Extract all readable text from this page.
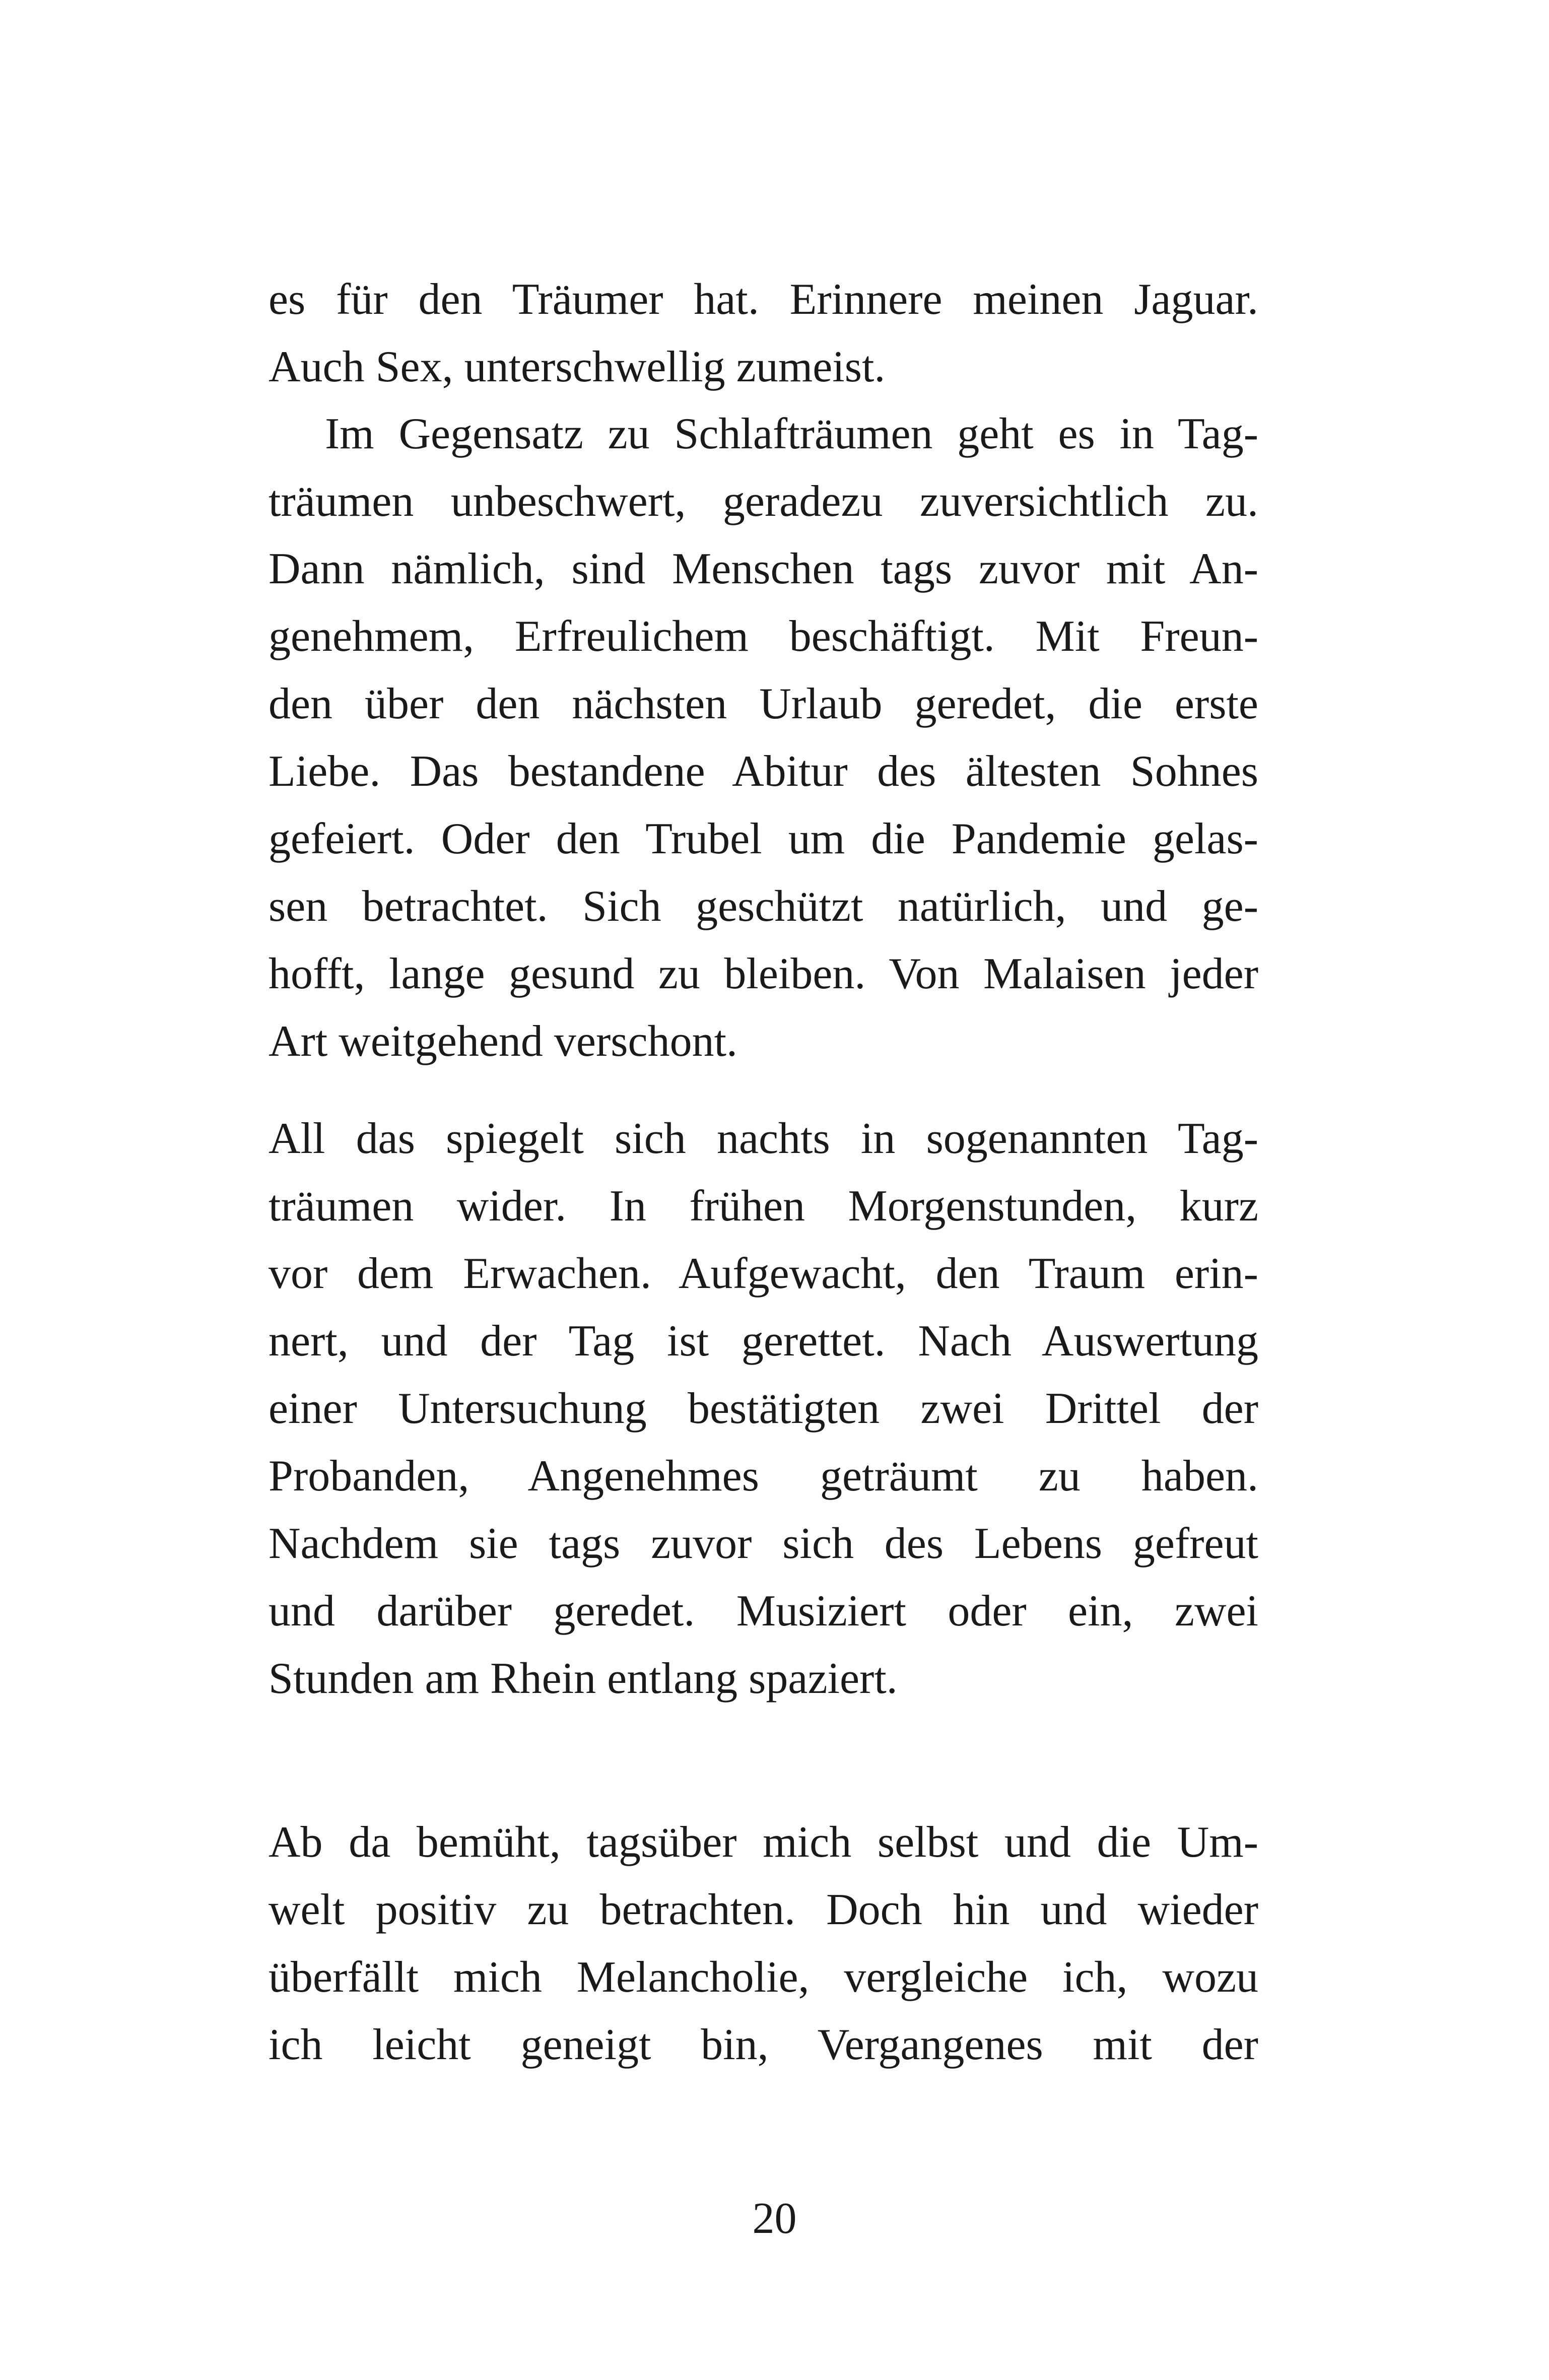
es für den Träumer hat. Erinnere meinen Jaguar.
Auch Sex, unterschwellig zumeist.
Im Gegensatz zu Schlafträumen geht es in Tag-
träumen unbeschwert, geradezu zuversichtlich zu.
Dann nämlich, sind Menschen tags zuvor mit An-
genehmem, Erfreulichem beschäftigt. Mit Freun-
den über den nächsten Urlaub geredet, die erste
Liebe. Das bestandene Abitur des ältesten Sohnes
gefeiert. Oder den Trubel um die Pandemie gelas-
sen betrachtet. Sich geschützt natürlich, und ge-
hofft, lange gesund zu bleiben. Von Malaisen jeder
Art weitgehend verschont.
All das spiegelt sich nachts in sogenannten Tag-
träumen wider. In frühen Morgenstunden, kurz
vor dem Erwachen. Aufgewacht, den Traum erin-
nert, und der Tag ist gerettet. Nach Auswertung
einer Untersuchung bestätigten zwei Drittel der
Probanden, Angenehmes geträumt zu haben.
Nachdem sie tags zuvor sich des Lebens gefreut
und darüber geredet. Musiziert oder ein, zwei
Stunden am Rhein entlang spaziert.
Ab da bemüht, tagsüber mich selbst und die Um-
welt positiv zu betrachten. Doch hin und wieder
überfällt mich Melancholie, vergleiche ich, wozu
ich leicht geneigt bin, Vergangenes mit der
20
